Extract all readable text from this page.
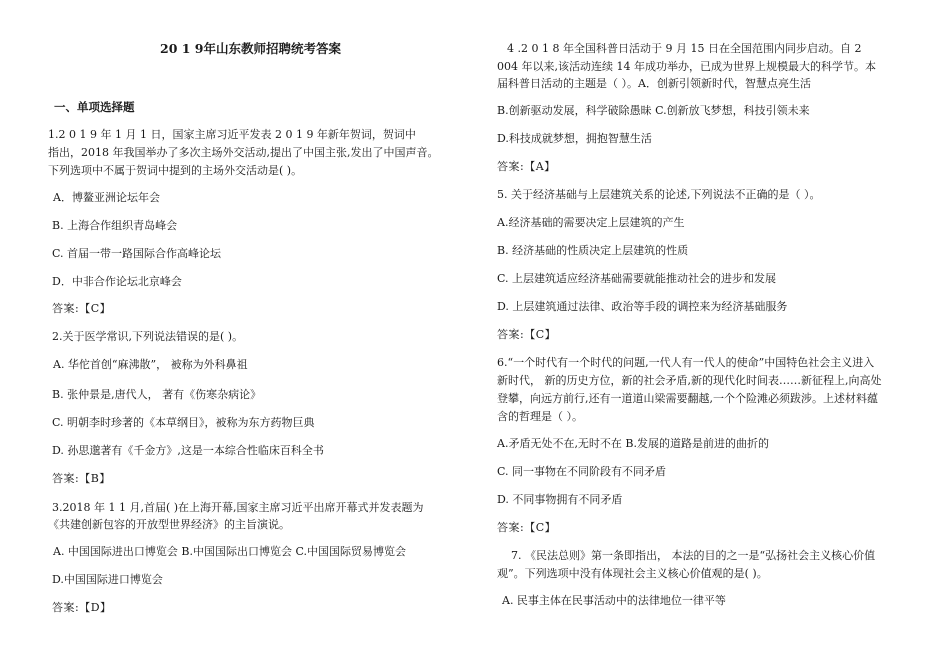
20 1 9年山东教师招聘统考答案
一、单项选择题
1.2 0 1 9 年 1 月 1 日，国家主席习近平发表 2 0 1 9 年新年贺词，贺词中
指出，2018 年我国举办了多次主场外交活动,提出了中国主张,发出了中国声音。
下列选项中不属于贺词中提到的主场外交活动是( )。
A．博鳌亚洲论坛年会
B. 上海合作组织青岛峰会
C. 首届一带一路国际合作高峰论坛
D．中非合作论坛北京峰会
答案:【C】
2.关于医学常识,下列说法错误的是( )。
A. 华佗首创“麻沸散”， 被称为外科鼻祖
B. 张仲景是,唐代人， 著有《伤寒杂病论》
C. 明朝李时珍著的《本草纲目》，被称为东方药物巨典
D. 孙思邈著有《千金方》,这是一本综合性临床百科全书
答案:【B】
3.2018 年 1 1 月,首届( )在上海开幕,国家主席习近平出席开幕式并发表题为
《共建创新包容的开放型世界经济》的主旨演说。
A. 中国国际进出口博览会 B.中国国际出口博览会 C.中国国际贸易博览会
D.中国国际进口博览会
答案:【D】
4 .2 0 1 8 年全国科普日活动于 9 月 15 日在全国范围内同步启动。自 2
004 年以来,该活动连续 14 年成功举办，已成为世界上规模最大的科学节。本
届科普日活动的主题是（ ）。A．创新引领新时代，智慧点亮生活
B.创新驱动发展，科学破除愚昧 C.创新放飞梦想，科技引领未来
D.科技成就梦想，拥抱智慧生活
答案:【A】
5. 关于经济基础与上层建筑关系的论述,下列说法不正确的是（ ）。
A.经济基础的需要决定上层建筑的产生
B. 经济基础的性质决定上层建筑的性质
C. 上层建筑适应经济基础需要就能推动社会的进步和发展
D. 上层建筑通过法律、政治等手段的调控来为经济基础服务
答案:【C】
6.“一个时代有一个时代的问题,一代人有一代人的使命”中国特色社会主义进入
新时代， 新的历史方位，新的社会矛盾,新的现代化时间表……新征程上,向高处
登攀，向远方前行,还有一道道山梁需要翻越,一个个险滩必须跋涉。上述材料蕴
含的哲理是（ ）。
A.矛盾无处不在,无时不在 B.发展的道路是前进的曲折的
C. 同一事物在不同阶段有不同矛盾
D. 不同事物拥有不同矛盾
答案:【C】
7. 《民法总则》第一条即指出， 本法的目的之一是“弘扬社会主义核心价值
观”。下列选项中没有体现社会主义核心价值观的是( )。
A. 民事主体在民事活动中的法律地位一律平等
